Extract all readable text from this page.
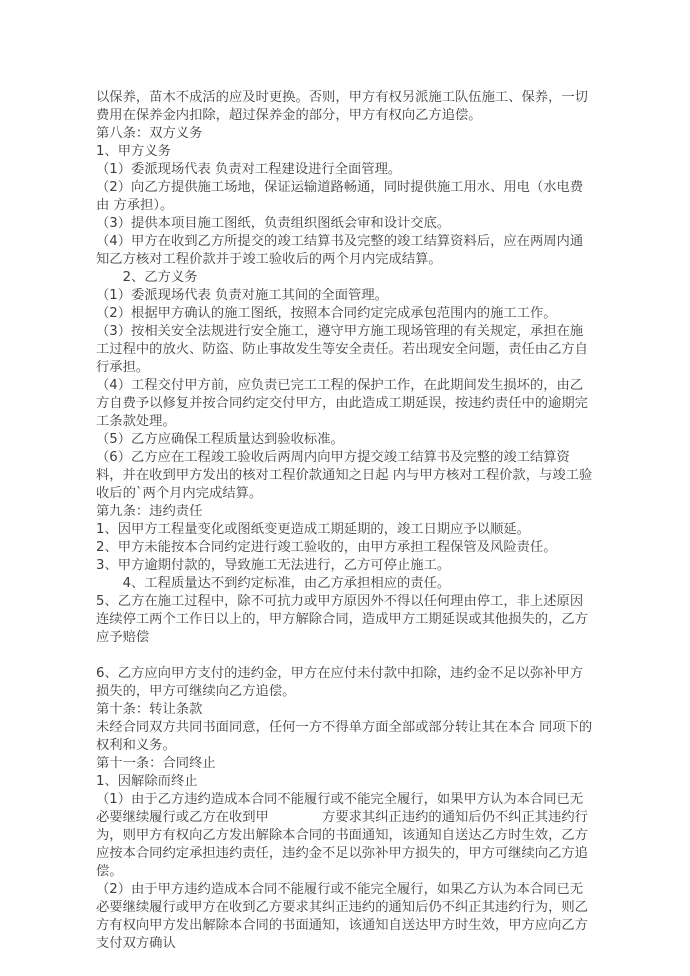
以保养，苗木不成活的应及时更换。否则，甲方有权另派施工队伍施工、保养，一切费用在保养金内扣除，超过保养金的部分，甲方有权向乙方追偿。

第八条：双方义务

1、甲方义务

（1）委派现场代表 负责对工程建设进行全面管理。

（2）向乙方提供施工场地，保证运输道路畅通，同时提供施工用水、用电（水电费由 方承担）。

（3）提供本项目施工图纸，负责组织图纸会审和设计交底。

（4）甲方在收到乙方所提交的竣工结算书及完整的竣工结算资料后，应在两周内通知乙方核对工程价款并于竣工验收后的两个月内完成结算。

　　2、乙方义务

（1）委派现场代表 负责对施工其间的全面管理。

（2）根据甲方确认的施工图纸，按照本合同约定完成承包范围内的施工工作。

（3）按相关安全法规进行安全施工，遵守甲方施工现场管理的有关规定，承担在施工过程中的放火、防盗、防止事故发生等安全责任。若出现安全问题，责任由乙方自行承担。

（4）工程交付甲方前，应负责已完工工程的保护工作，在此期间发生损坏的，由乙方自费予以修复并按合同约定交付甲方，由此造成工期延误，按违约责任中的逾期完工条款处理。

（5）乙方应确保工程质量达到验收标准。

（6）乙方应在工程竣工验收后两周内向甲方提交竣工结算书及完整的竣工结算资料，并在收到甲方发出的核对工程价款通知之日起 内与甲方核对工程价款，与竣工验收后的`两个月内完成结算。

第九条：违约责任

1、因甲方工程量变化或图纸变更造成工期延期的，竣工日期应予以顺延。

2、甲方未能按本合同约定进行竣工验收的，由甲方承担工程保管及风险责任。

3、甲方逾期付款的，导致施工无法进行，乙方可停止施工。

　　4、工程质量达不到约定标准，由乙方承担相应的责任。

5、乙方在施工过程中，除不可抗力或甲方原因外不得以任何理由停工，非上述原因连续停工两个工作日以上的，甲方解除合同，造成甲方工期延误或其他损失的，乙方应予赔偿

6、乙方应向甲方支付的违约金，甲方在应付未付款中扣除，违约金不足以弥补甲方损失的，甲方可继续向乙方追偿。

第十条：转让条款

未经合同双方共同书面同意，任何一方不得单方面全部或部分转让其在本合 同项下的权利和义务。

第十一条：合同终止

1、因解除而终止

（1）由于乙方违约造成本合同不能履行或不能完全履行，如果甲方认为本合同已无必要继续履行或乙方在收到甲　　　　方要求其纠正违约的通知后仍不纠正其违约行为，则甲方有权向乙方发出解除本合同的书面通知，该通知自送达乙方时生效，乙方应按本合同约定承担违约责任，违约金不足以弥补甲方损失的，甲方可继续向乙方追偿。

（2）由于甲方违约造成本合同不能履行或不能完全履行，如果乙方认为本合同已无必要继续履行或甲方在收到乙方要求其纠正违约的通知后仍不纠正其违约行为，则乙方有权向甲方发出解除本合同的书面通知，该通知自送达甲方时生效，甲方应向乙方支付双方确认
